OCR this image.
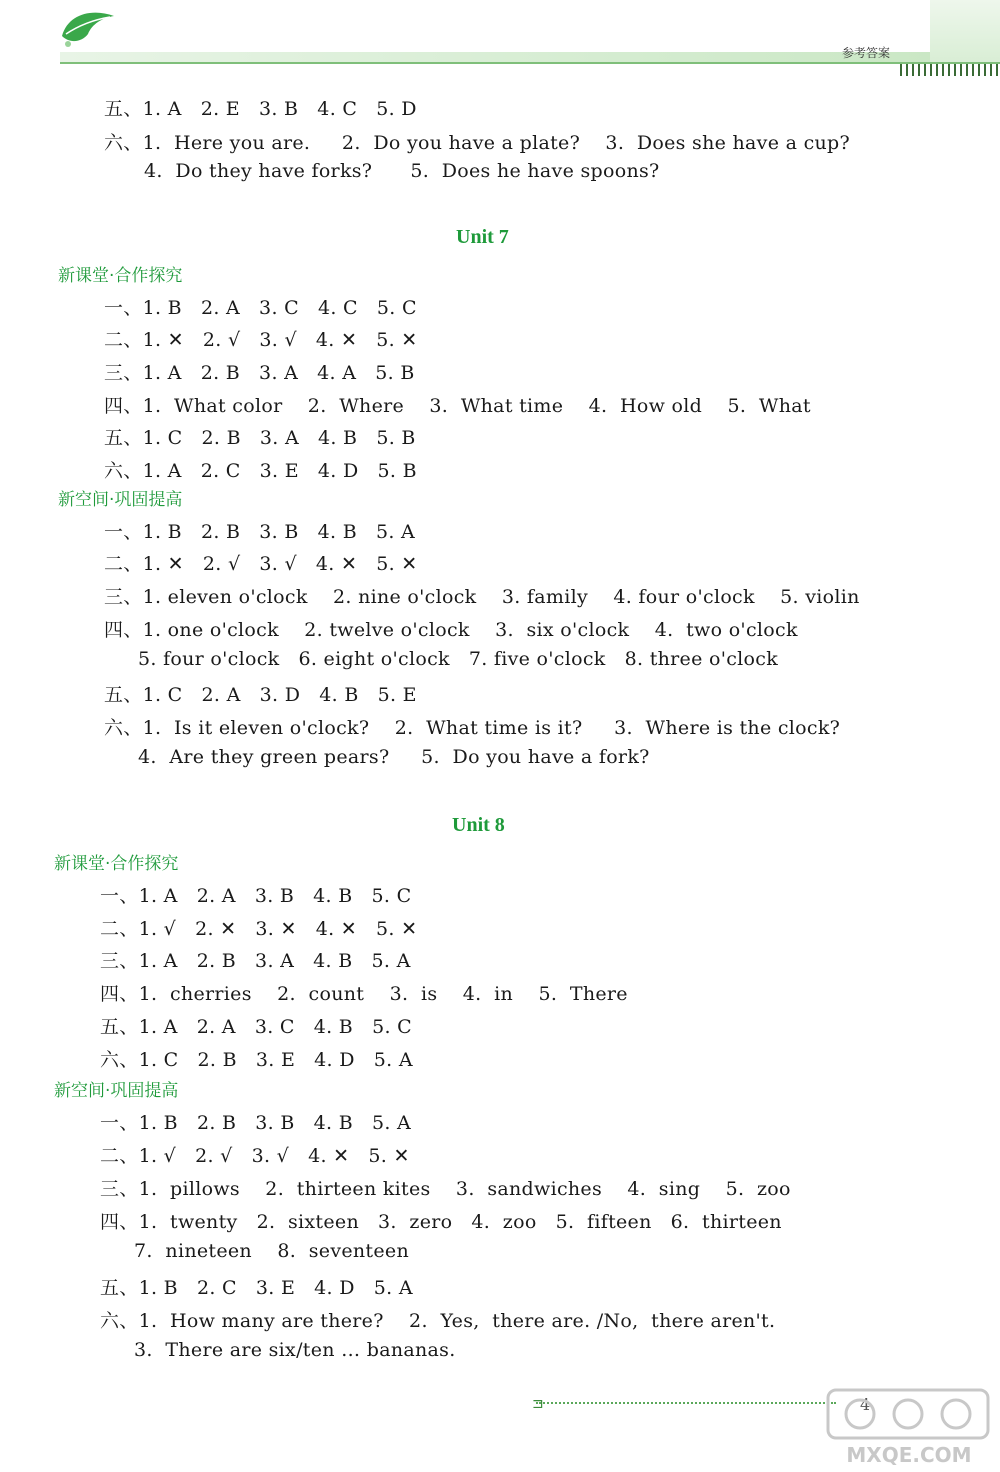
参考答案
五、1. A   2. E   3. B   4. C   5. D
六、1.  Here you are.     2.  Do you have a plate?    3.  Does she have a cup?
4.  Do they have forks?      5.  Does he have spoons?
Unit 7
新课堂·合作探究
一、1. B   2. A   3. C   4. C   5. C
二、1. ✕   2. √   3. √   4. ✕   5. ✕
三、1. A   2. B   3. A   4. A   5. B
四、1.  What color    2.  Where    3.  What time    4.  How old    5.  What
五、1. C   2. B   3. A   4. B   5. B
六、1. A   2. C   3. E   4. D   5. B
新空间·巩固提高
一、1. B   2. B   3. B   4. B   5. A
二、1. ✕   2. √   3. √   4. ✕   5. ✕
三、1. eleven o'clock    2. nine o'clock    3. family    4. four o'clock    5. violin
四、1. one o'clock    2. twelve o'clock    3.  six o'clock    4.  two o'clock
5. four o'clock   6. eight o'clock   7. five o'clock   8. three o'clock
五、1. C   2. A   3. D   4. B   5. E
六、1.  Is it eleven o'clock?    2.  What time is it?     3.  Where is the clock?
4.  Are they green pears?     5.  Do you have a fork?
Unit 8
新课堂·合作探究
一、1. A   2. A   3. B   4. B   5. C
二、1. √   2. ✕   3. ✕   4. ✕   5. ✕
三、1. A   2. B   3. A   4. B   5. A
四、1.  cherries    2.  count    3.  is    4.  in    5.  There
五、1. A   2. A   3. C   4. B   5. C
六、1. C   2. B   3. E   4. D   5. A
新空间·巩固提高
一、1. B   2. B   3. B   4. B   5. A
二、1. √   2. √   3. √   4. ✕   5. ✕
三、1.  pillows    2.  thirteen kites    3.  sandwiches    4.  sing    5.  zoo
四、1.  twenty   2.  sixteen   3.  zero   4.  zoo   5.  fifteen   6.  thirteen
7.  nineteen    8.  seventeen
五、1. B   2. C   3. E   4. D   5. A
六、1.  How many are there?    2.  Yes,  there are. /No,  there aren't.
3.  There are six/ten … bananas.
⊐	4
MXQE.COM
